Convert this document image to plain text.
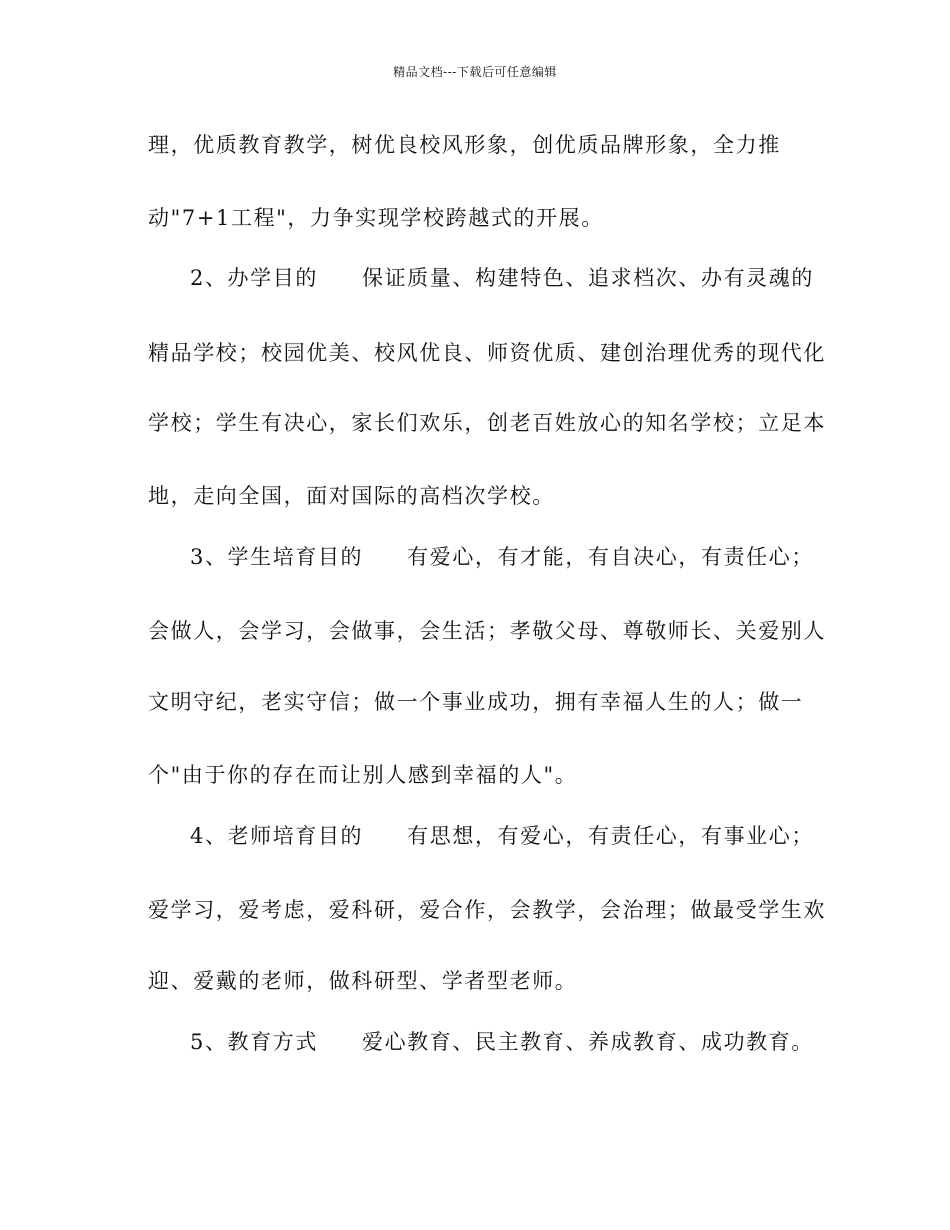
精品文档---下载后可任意编辑
理，优质教育教学，树优良校风形象，创优质品牌形象，全力推
动"7+1工程"，力争实现学校跨越式的开展。
2、办学目的 保证质量、构建特色、追求档次、办有灵魂的
精品学校；校园优美、校风优良、师资优质、建创治理优秀的现代化
学校；学生有决心，家长们欢乐，创老百姓放心的知名学校；立足本
地，走向全国，面对国际的高档次学校。
3、学生培育目的 有爱心，有才能，有自决心，有责任心；
会做人，会学习，会做事，会生活；孝敬父母、尊敬师长、关爱别人
文明守纪，老实守信；做一个事业成功，拥有幸福人生的人；做一
个"由于你的存在而让别人感到幸福的人"。
4、老师培育目的 有思想，有爱心，有责任心，有事业心；
爱学习，爱考虑，爱科研，爱合作，会教学，会治理；做最受学生欢
迎、爱戴的老师，做科研型、学者型老师。
5、教育方式 爱心教育、民主教育、养成教育、成功教育。
